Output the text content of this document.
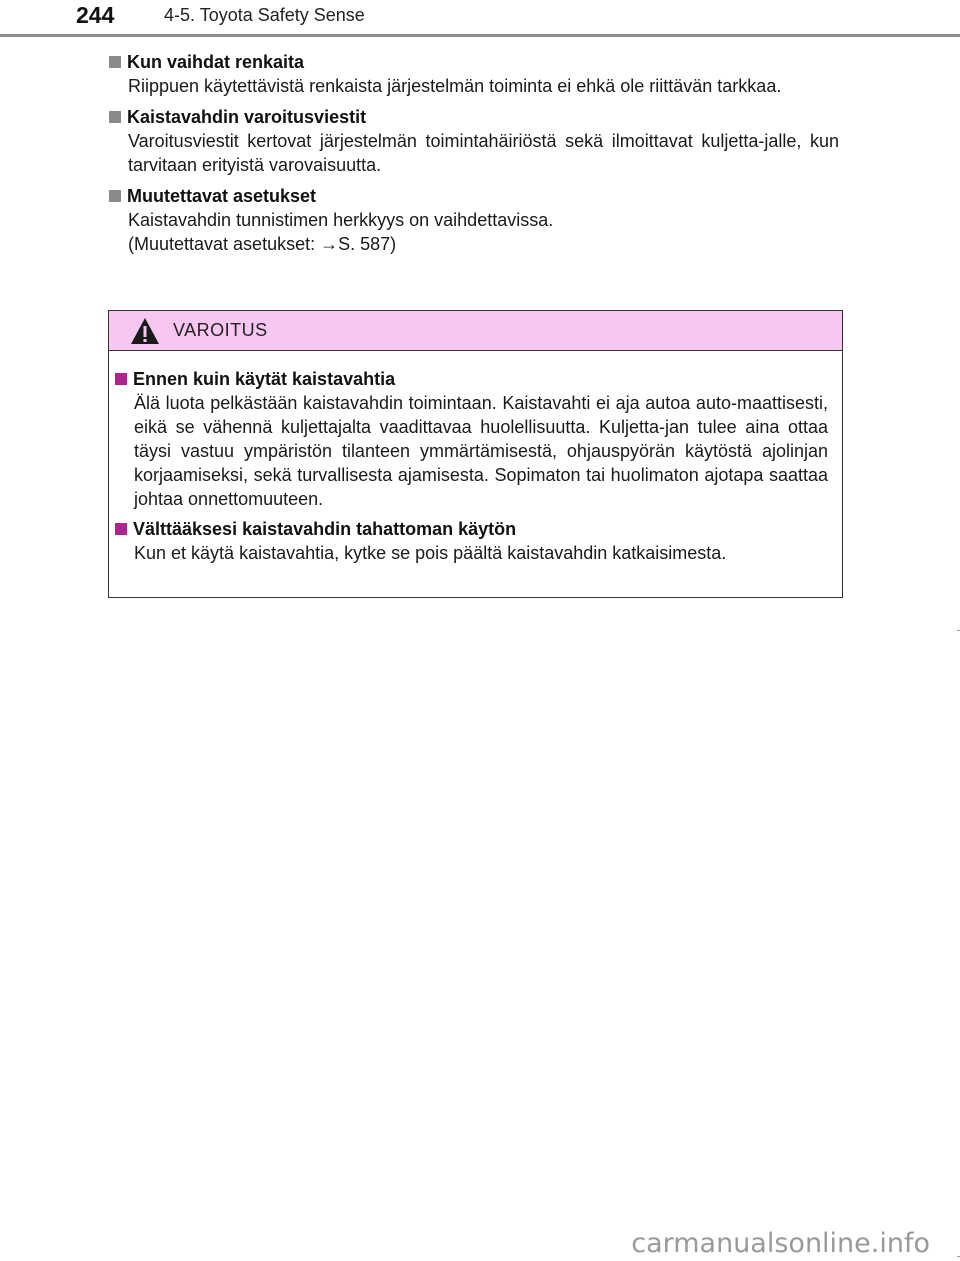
244	4-5. Toyota Safety Sense
Kun vaihdat renkaita
Riippuen käytettävistä renkaista järjestelmän toiminta ei ehkä ole riittävän tarkkaa.
Kaistavahdin varoitusviestit
Varoitusviestit kertovat järjestelmän toimintahäiriöstä sekä ilmoittavat kuljetta-jalle, kun tarvitaan erityistä varovaisuutta.
Muutettavat asetukset
Kaistavahdin tunnistimen herkkyys on vaihdettavissa.
(Muutettavat asetukset: →S. 587)
VAROITUS
Ennen kuin käytät kaistavahtia
Älä luota pelkästään kaistavahdin toimintaan. Kaistavahti ei aja autoa auto-maattisesti, eikä se vähennä kuljettajalta vaadittavaa huolellisuutta. Kuljetta-jan tulee aina ottaa täysi vastuu ympäristön tilanteen ymmärtämisestä, ohjauspyörän käytöstä ajolinjan korjaamiseksi, sekä turvallisesta ajamisesta. Sopimaton tai huolimaton ajotapa saattaa johtaa onnettomuuteen.
Välttääksesi kaistavahdin tahattoman käytön
Kun et käytä kaistavahtia, kytke se pois päältä kaistavahdin katkaisimesta.
carmanualsonline.info
